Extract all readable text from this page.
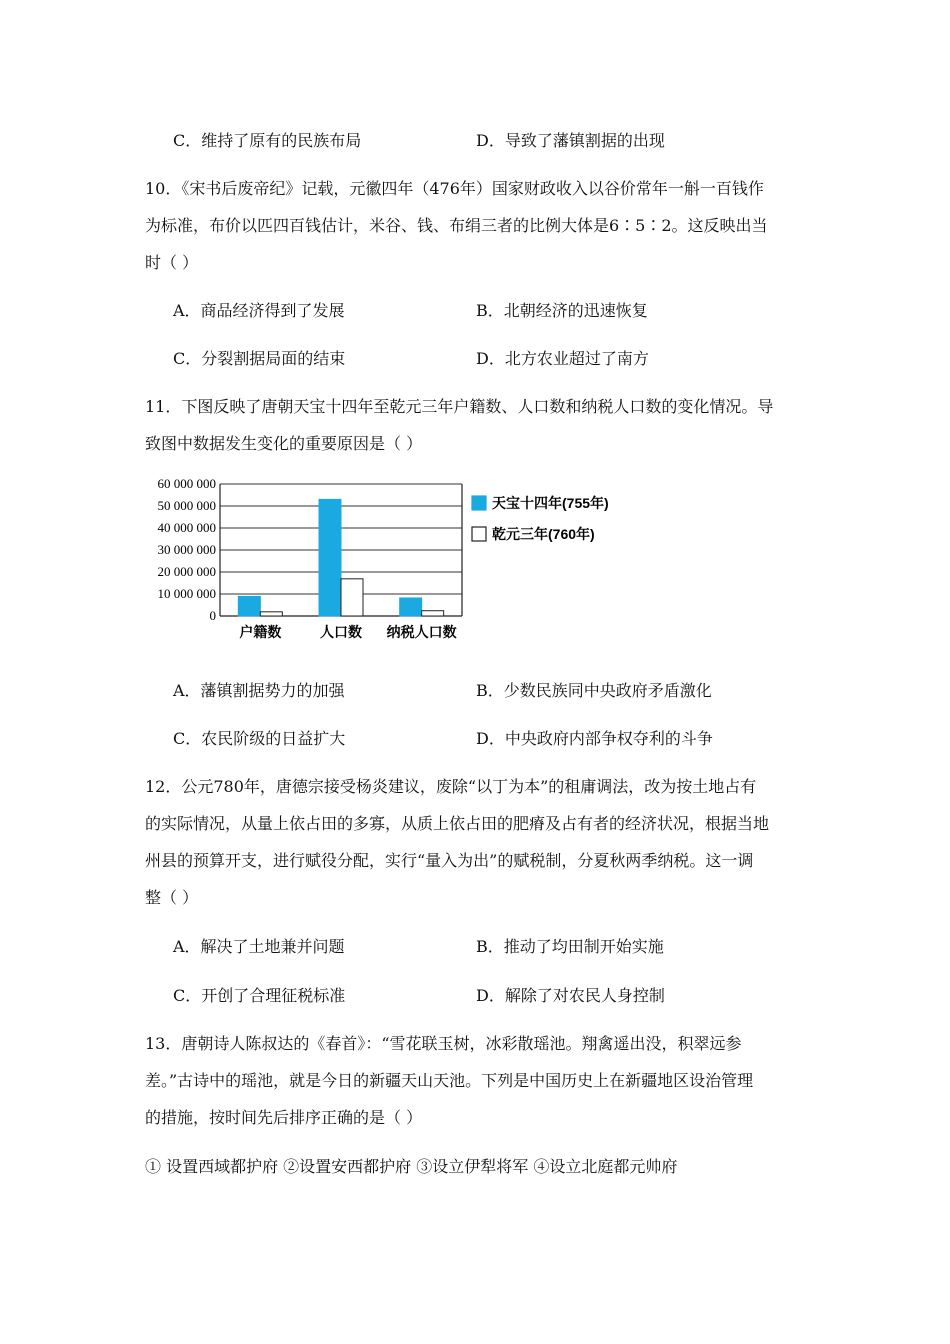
C．维持了原有的民族布局	D．导致了藩镇割据的出现
10．《宋书后废帝纪》记载，元徽四年（476年）国家财政收入以谷价常年一斛一百钱作
为标准，布价以匹四百钱估计，米谷、钱、布绢三者的比例大体是6∶5∶2。这反映出当
时（ ）
A．商品经济得到了发展	B．北朝经济的迅速恢复
C．分裂割据局面的结束	D．北方农业超过了南方
11．下图反映了唐朝天宝十四年至乾元三年户籍数、人口数和纳税人口数的变化情况。导
致图中数据发生变化的重要原因是（ ）
60 000 000
50 000 000
40 000 000
30 000 000
20 000 000
10 000 000
0
户籍数	人口数 纳税人口数
天宝十四年(755年)
乾元三年(760年)
A．藩镇割据势力的加强	B．少数民族同中央政府矛盾激化
C．农民阶级的日益扩大	D．中央政府内部争权夺利的斗争
12．公元780年，唐德宗接受杨炎建议，废除“以丁为本”的租庸调法，改为按土地占有
的实际情况，从量上依占田的多寡，从质上依占田的肥瘠及占有者的经济状况，根据当地
州县的预算开支，进行赋役分配，实行“量入为出”的赋税制，分夏秋两季纳税。这一调
整（ ）
A．解决了土地兼并问题	B．推动了均田制开始实施
C．开创了合理征税标准	D．解除了对农民人身控制
13．唐朝诗人陈叔达的《春首》：“雪花联玉树，冰彩散瑶池。翔禽遥出没，积翠远参
差。”古诗中的瑶池，就是今日的新疆天山天池。下列是中国历史上在新疆地区设治管理
的措施，按时间先后排序正确的是（ ）
① 设置西域都护府 ②设置安西都护府 ③设立伊犁将军 ④设立北庭都元帅府
